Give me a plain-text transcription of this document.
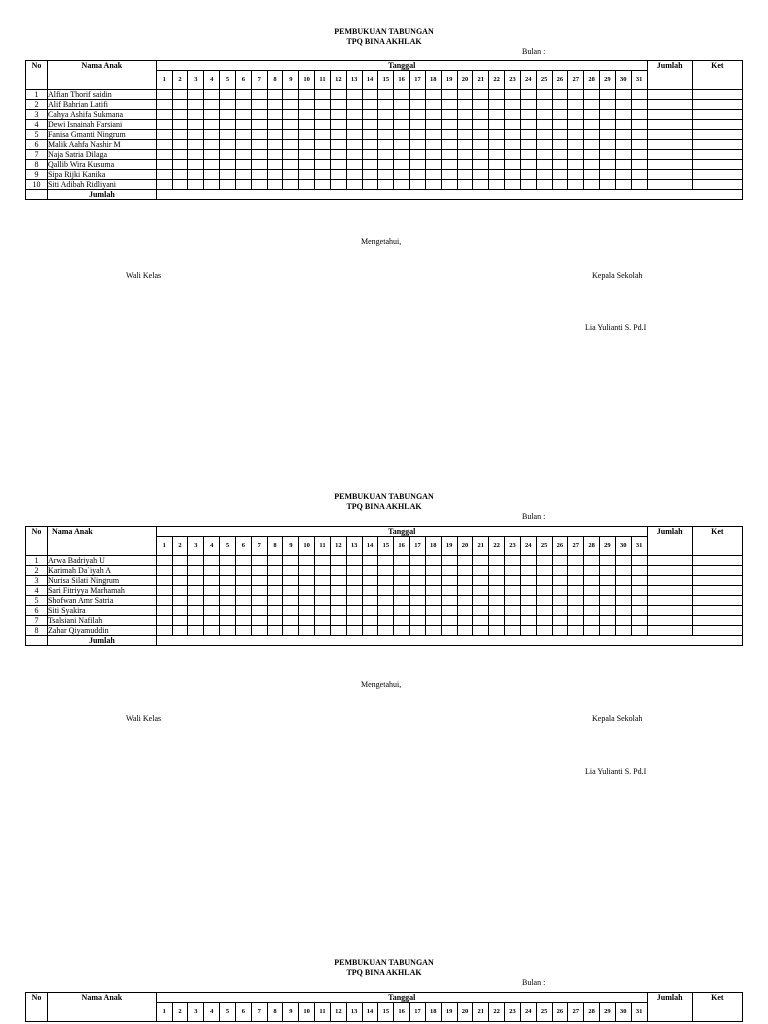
PEMBUKUAN TABUNGAN
TPQ BINA AKHLAK
Bulan :
No	Nama Anak	Tanggal																															Jumlah	Ket
		1	2	3	4	5	6	7	8	9	10	11	12	13	14	15	16	17	18	19	20	21	22	23	24	25	26	27	28	29	30	31		
1	Alfian Thorif saidin																																	
2	Alif Bahrian Latifi																																	
3	Cahya Ashifa Sukmana																																	
4	Dewi Isnainah Farsiani																																	
5	Fanisa Gmanti Ningrum																																	
6	Malik Aahfa Nashir M																																	
7	Naja Satria Dilaga																																	
8	Qallib Wira Kusuma																																	
9	Sipa Rijki Kanika																																	
10	Siti Adibah Ridliyani																																	
	Jumlah																																	
Mengetahui,
Wali Kelas	Kepala Sekolah
Lia Yulianti S. Pd.I
PEMBUKUAN TABUNGAN
TPQ BINA AKHLAK
Bulan :
No	Nama Anak	Tanggal																															Jumlah	Ket
		1	2	3	4	5	6	7	8	9	10	11	12	13	14	15	16	17	18	19	20	21	22	23	24	25	26	27	28	29	30	31		
1	Arwa Badriyah U																																	
2	Karimah Da`iyah A																																	
3	Nurisa Silati Ningrum																																	
4	Sari Fitriyya Marhamah																																	
5	Shofwan Amr Satria																																	
6	Siti Syakira																																	
7	Tsalsiani Nafilah																																	
8	Zahar Qiyamuddin																																	
	Jumlah																																	
Mengetahui,
Wali Kelas	Kepala Sekolah
Lia Yulianti S. Pd.I
PEMBUKUAN TABUNGAN
TPQ BINA AKHLAK
Bulan :
No	Nama Anak	Tanggal																															Jumlah	Ket
		1	2	3	4	5	6	7	8	9	10	11	12	13	14	15	16	17	18	19	20	21	22	23	24	25	26	27	28	29	30	31		
